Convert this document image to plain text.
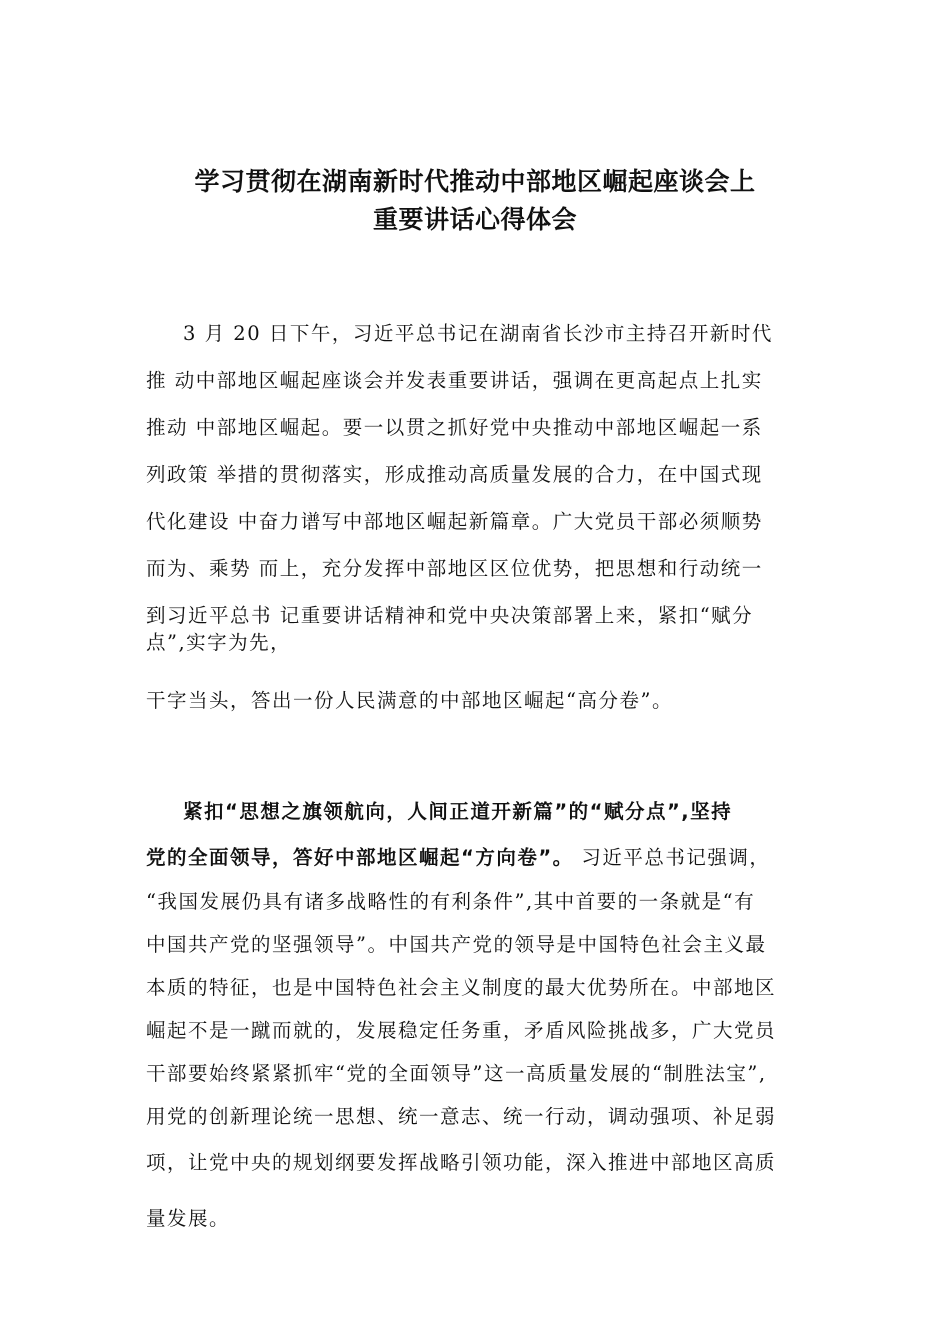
学习贯彻在湖南新时代推动中部地区崛起座谈会上
重要讲话心得体会
3 月 20 日下午，习近平总书记在湖南省长沙市主持召开新时代
推 动中部地区崛起座谈会并发表重要讲话，强调在更高起点上扎实
推动 中部地区崛起。要一以贯之抓好党中央推动中部地区崛起一系
列政策 举措的贯彻落实，形成推动高质量发展的合力，在中国式现
代化建设 中奋力谱写中部地区崛起新篇章。广大党员干部必须顺势
而为、乘势 而上，充分发挥中部地区区位优势，把思想和行动统一
到习近平总书 记重要讲话精神和党中央决策部署上来，紧扣“赋分
点”,实字为先，
干字当头，答出一份人民满意的中部地区崛起“高分卷”。
紧扣“思想之旗领航向，人间正道开新篇”的“赋分点”,坚持
党的全面领导，答好中部地区崛起“方向卷”。 习近平总书记强调，
“我国发展仍具有诸多战略性的有利条件”,其中首要的一条就是“有
中国共产党的坚强领导”。中国共产党的领导是中国特色社会主义最
本质的特征，也是中国特色社会主义制度的最大优势所在。中部地区
崛起不是一蹴而就的，发展稳定任务重，矛盾风险挑战多，广大党员
干部要始终紧紧抓牢“党的全面领导”这一高质量发展的“制胜法宝”,
用党的创新理论统一思想、统一意志、统一行动，调动强项、补足弱
项，让党中央的规划纲要发挥战略引领功能，深入推进中部地区高质
量发展。
